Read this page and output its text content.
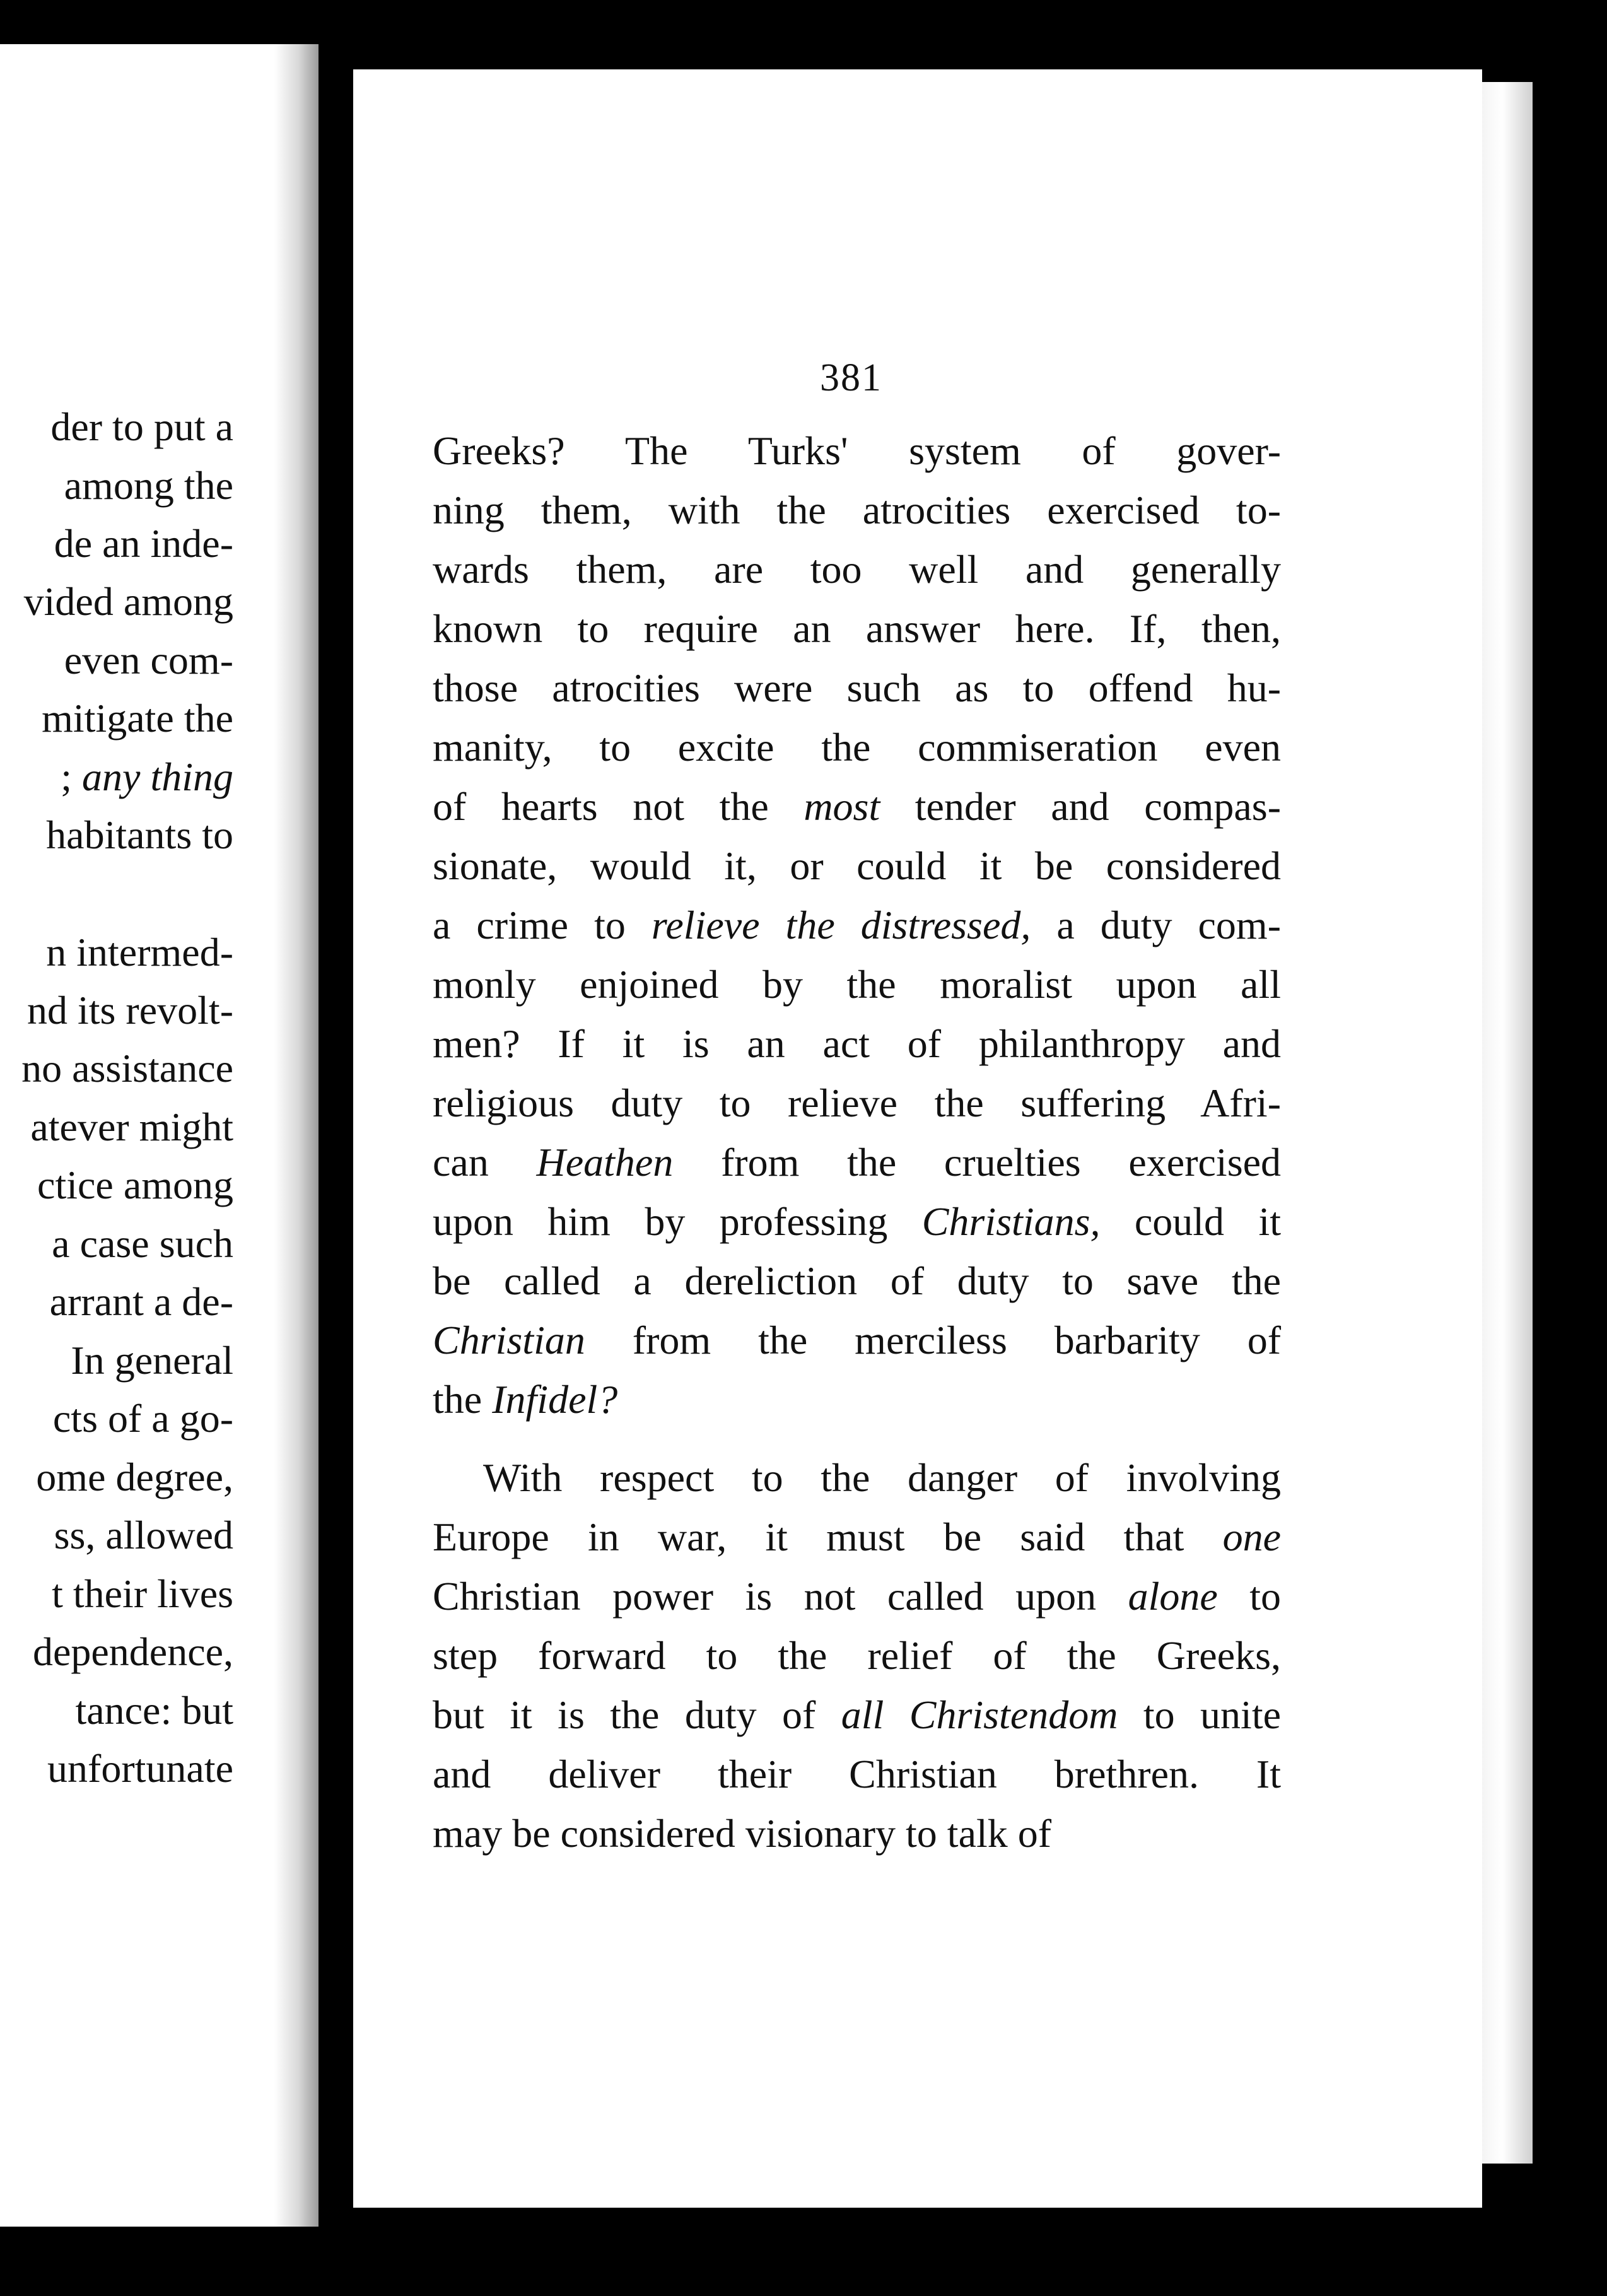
der to put a
among the
de an inde-
vided among
even com-
mitigate the
; any thing
habitants to
n intermed-
nd its revolt-
no assistance
atever might
ctice among
a case such
arrant a de-
In general
cts of a go-
ome degree,
ss, allowed
t their lives
dependence,
tance: but
unfortunate
381
Greeks? The Turks' system of gover-
ning them, with the atrocities exercised to-
wards them, are too well and generally
known to require an answer here. If, then,
those atrocities were such as to offend hu-
manity, to excite the commiseration even
of hearts not the most tender and compas-
sionate, would it, or could it be considered
a crime to relieve the distressed, a duty com-
monly enjoined by the moralist upon all
men? If it is an act of philanthropy and
religious duty to relieve the suffering Afri-
can Heathen from the cruelties exercised
upon him by professing Christians, could it
be called a dereliction of duty to save the
Christian from the merciless barbarity of
the Infidel?
With respect to the danger of involving
Europe in war, it must be said that one
Christian power is not called upon alone to
step forward to the relief of the Greeks,
but it is the duty of all Christendom to unite
and deliver their Christian brethren. It
may be considered visionary to talk of
